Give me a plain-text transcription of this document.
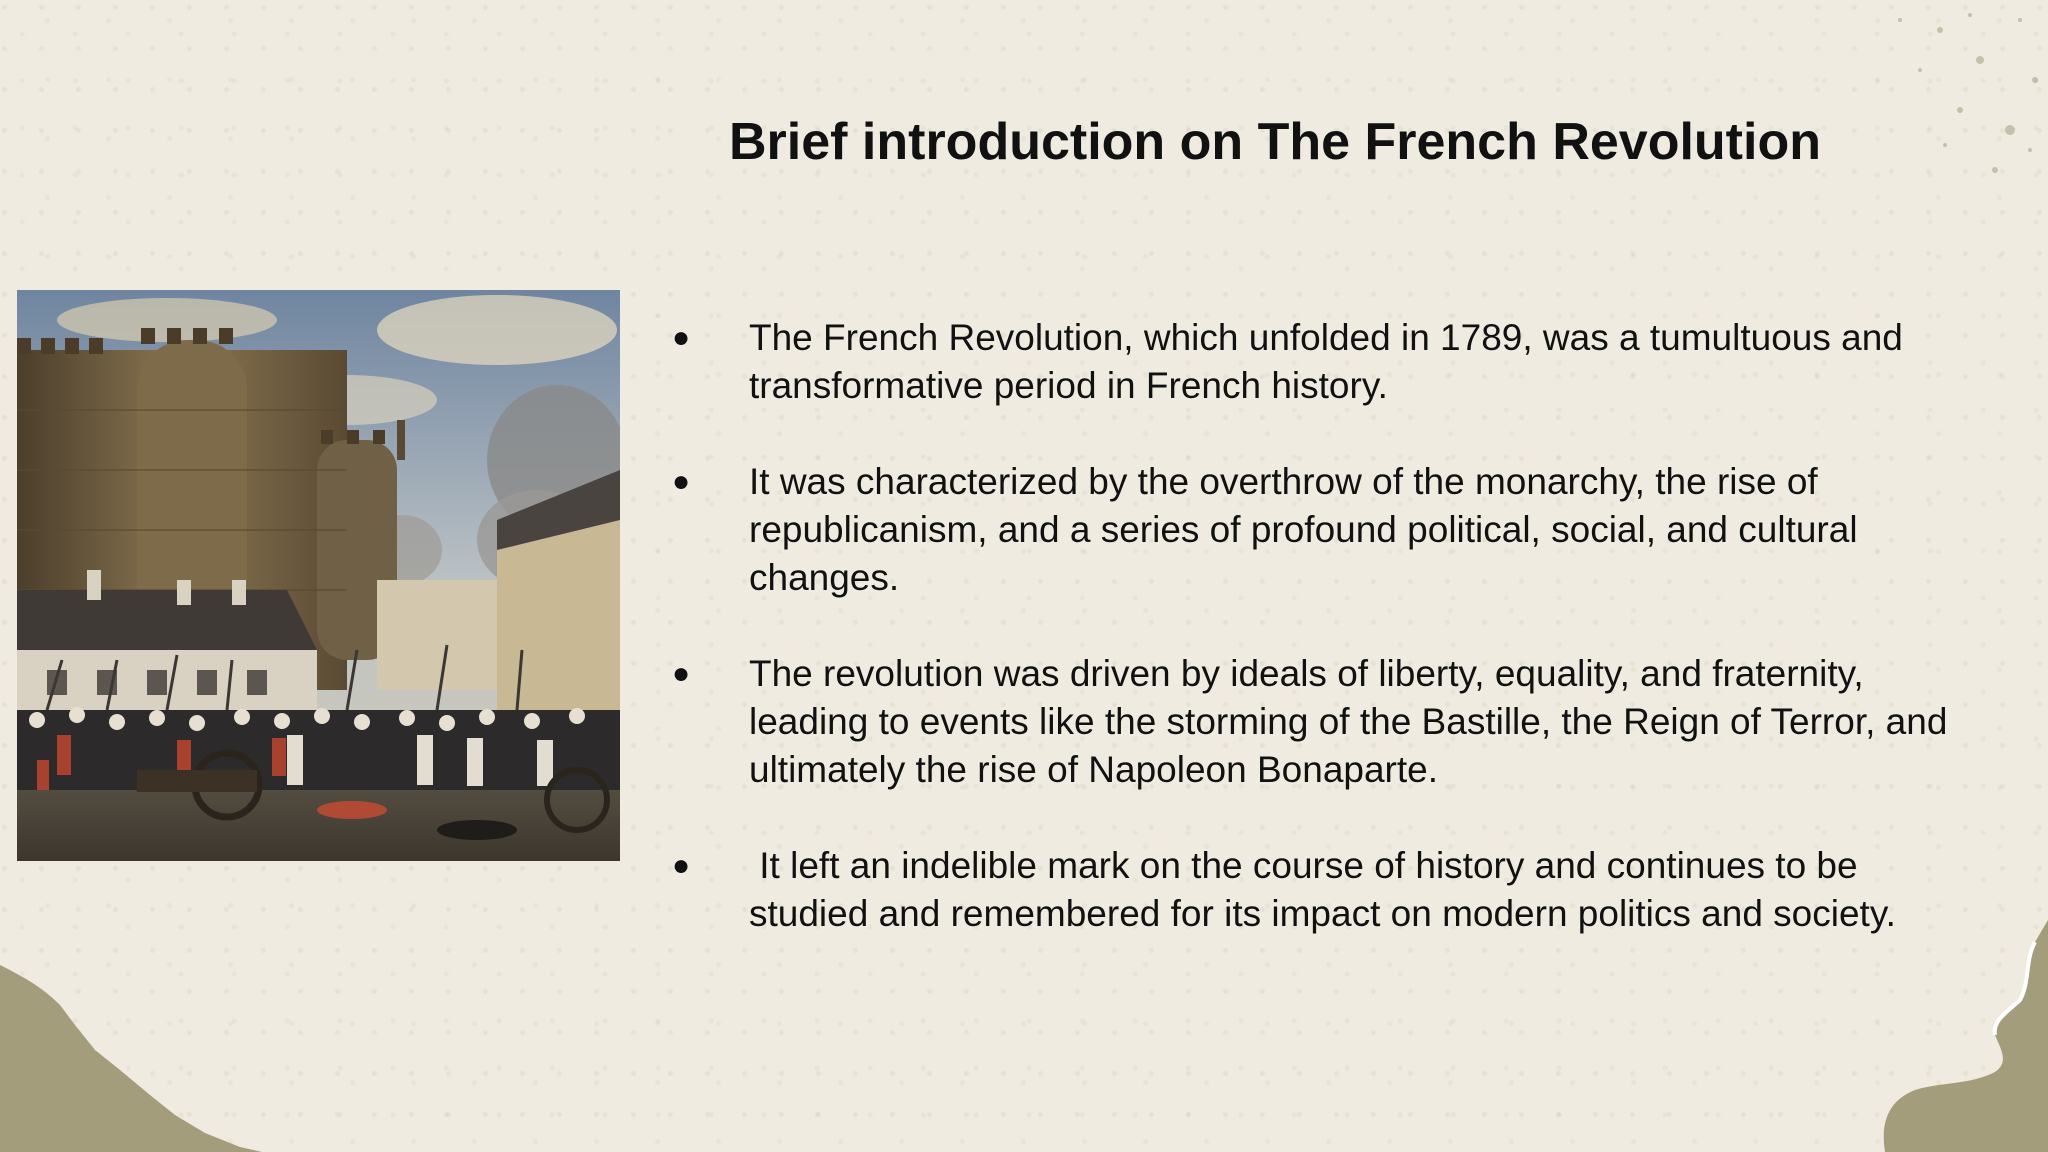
Brief introduction on The French Revolution
● The French Revolution, which unfolded in 1789, was a tumultuous and transformative period in French history.
● It was characterized by the overthrow of the monarchy, the rise of republicanism, and a series of profound political, social, and cultural changes.
● The revolution was driven by ideals of liberty, equality, and fraternity, leading to events like the storming of the Bastille, the Reign of Terror, and ultimately the rise of Napoleon Bonaparte.
● It left an indelible mark on the course of history and continues to be studied and remembered for its impact on modern politics and society.
